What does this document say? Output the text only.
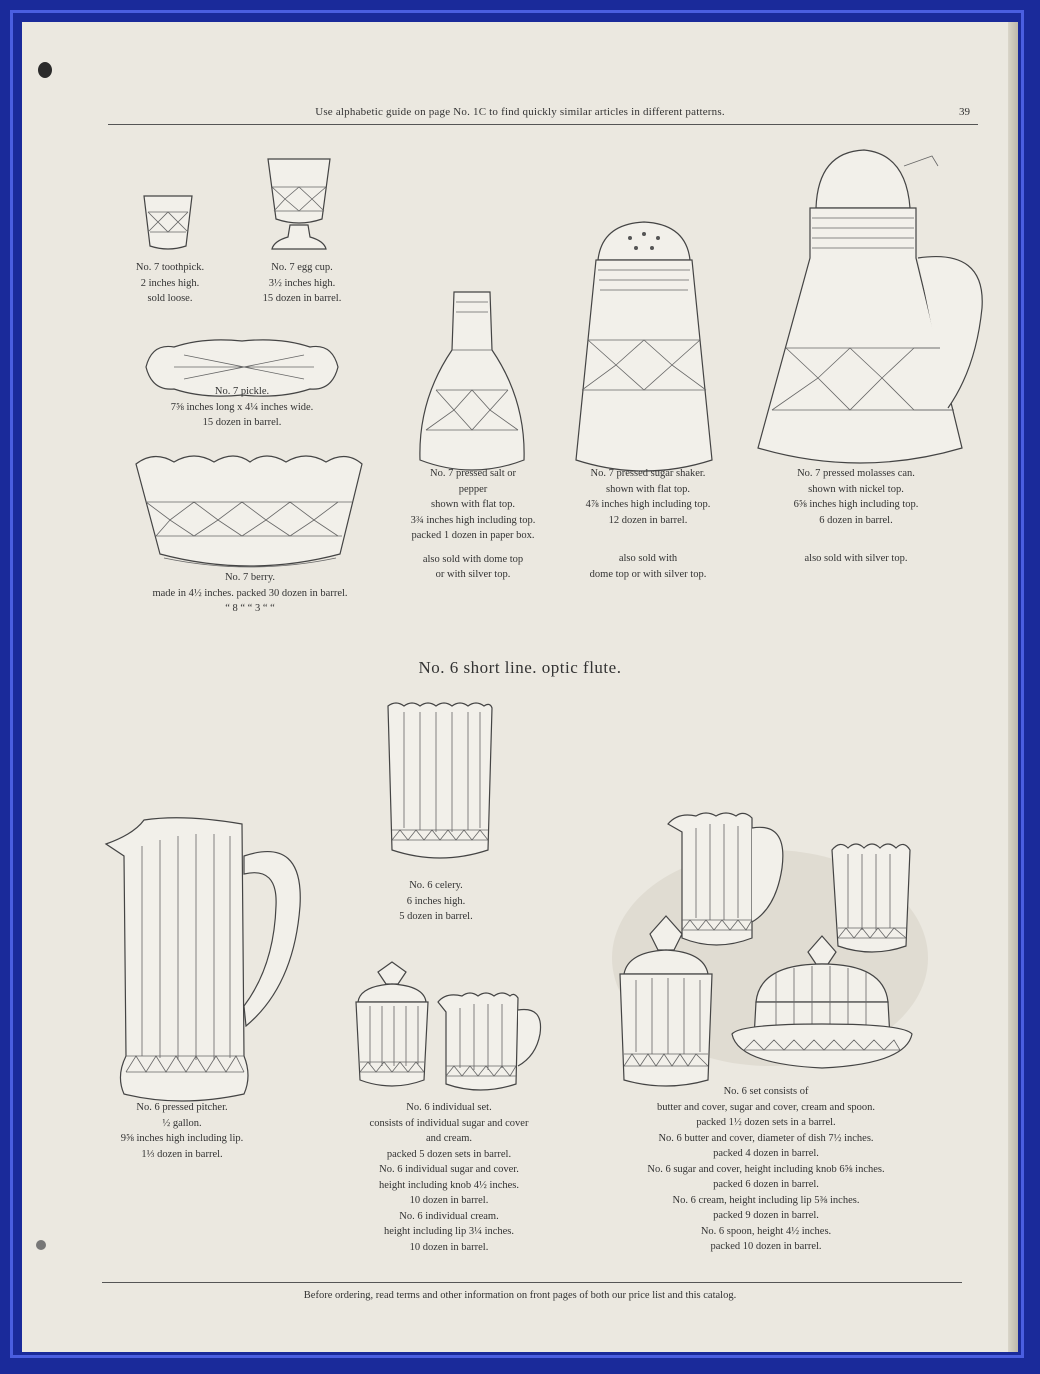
Use alphabetic guide on page No. 1C to find quickly similar articles in different patterns.	39
No. 7 toothpick.
2 inches high.
sold loose.
No. 7 egg cup.
3½ inches high.
15 dozen in barrel.
No. 7 pickle.
7⅝ inches long x 4¼ inches wide.
15 dozen in barrel.
No. 7 berry.
made in 4½ inches. packed 30 dozen in barrel.
“ 8 “ “ 3 “ “
No. 7 pressed salt or
pepper
shown with flat top.
3¾ inches high including top.
packed 1 dozen in paper box.
also sold with dome top
or with silver top.
No. 7 pressed sugar shaker.
shown with flat top.
4⅞ inches high including top.
12 dozen in barrel.
also sold with
dome top or with silver top.
No. 7 pressed molasses can.
shown with nickel top.
6⅝ inches high including top.
6 dozen in barrel.
also sold with silver top.
No. 6 short line. optic flute.
No. 6 celery.
6 inches high.
5 dozen in barrel.
No. 6 pressed pitcher.
½ gallon.
9⅝ inches high including lip.
1⅓ dozen in barrel.
No. 6 individual set.
consists of individual sugar and cover
and cream.
packed 5 dozen sets in barrel.
No. 6 individual sugar and cover.
height including knob 4½ inches.
10 dozen in barrel.
No. 6 individual cream.
height including lip 3¼ inches.
10 dozen in barrel.
No. 6 set consists of
butter and cover, sugar and cover, cream and spoon.
packed 1½ dozen sets in a barrel.
No. 6 butter and cover, diameter of dish 7½ inches.
packed 4 dozen in barrel.
No. 6 sugar and cover, height including knob 6⅝ inches.
packed 6 dozen in barrel.
No. 6 cream, height including lip 5⅜ inches.
packed 9 dozen in barrel.
No. 6 spoon, height 4½ inches.
packed 10 dozen in barrel.
Before ordering, read terms and other information on front pages of both our price list and this catalog.
